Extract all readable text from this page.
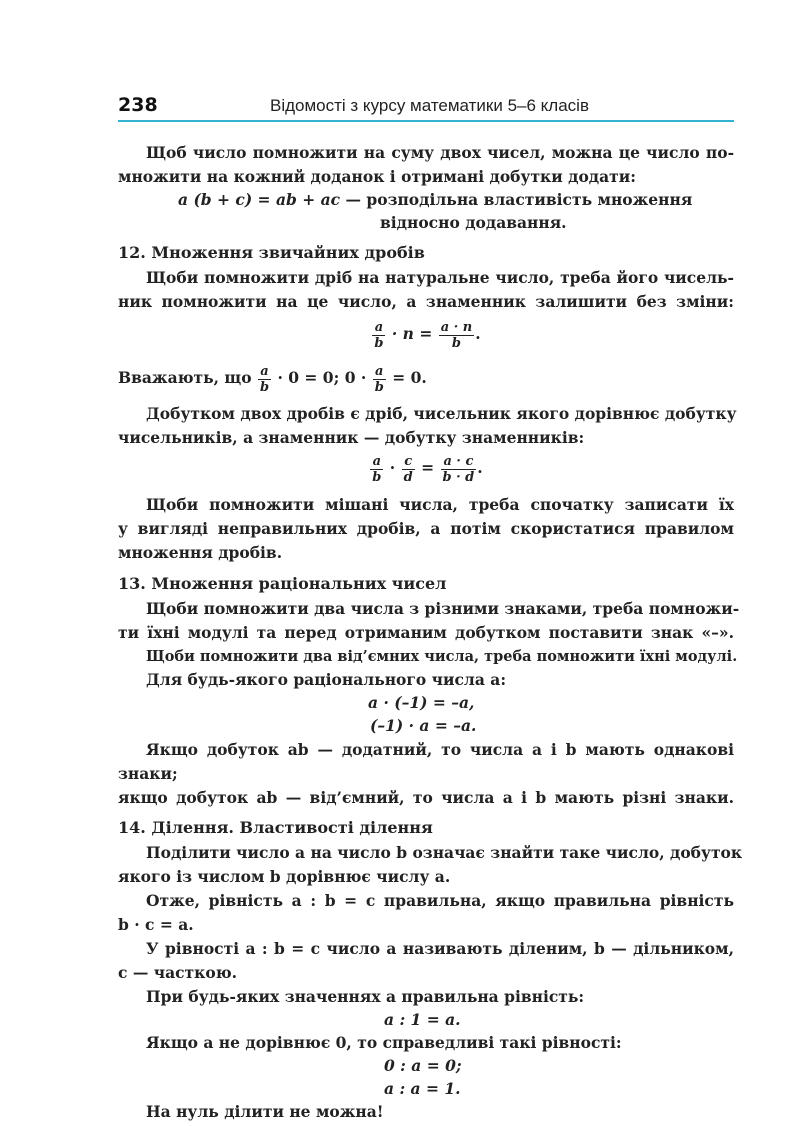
238	Відомості з курсу математики 5–6 класів
Щоб число помножити на суму двох чисел, можна це число по-
множити на кожний доданок і отримані добутки додати:
a (b + c) = ab + ac — розподільна властивість множення
відносно додавання.
12. Множення звичайних дробів
Щоби помножити дріб на натуральне число, треба його чисель-
ник помножити на це число, а знаменник залишити без зміни:
$\frac{a}{b} \cdot n = \frac{a \cdot n}{b}$ .
Вважають, що $\frac{a}{b} \cdot 0 = 0$; $0 \cdot \frac{a}{b} = 0$.
Добутком двох дробів є дріб, чисельник якого дорівнює добутку
чисельників, а знаменник — добутку знаменників:
$\frac{a}{b} \cdot \frac{c}{d} = \frac{a \cdot c}{b \cdot d}$ .
Щоби помножити мішані числа, треба спочатку записати їх
у вигляді неправильних дробів, а потім скористатися правилом
множення дробів.
13. Множення раціональних чисел
Щоби помножити два числа з різними знаками, треба помножи-
ти їхні модулі та перед отриманим добутком поставити знак «–».
Щоби помножити два від’ємних числа, треба помножити їхні модулі.
Для будь-якого раціонального числа a:
a · (–1) = –a,
(–1) · a = –a.
Якщо добуток ab — додатний, то числа a і b мають однакові
знаки;
якщо добуток ab — від’ємний, то числа a і b мають різні знаки.
14. Ділення. Властивості ділення
Поділити число a на число b означає знайти таке число, добуток
якого із числом b дорівнює числу a.
Отже, рівність a : b = c правильна, якщо правильна рівність
b · c = a.
У рівності a : b = c число a називають діленим, b — дільником,
c — часткою.
При будь-яких значеннях a правильна рівність:
a : 1 = a.
Якщо a не дорівнює 0, то справедливі такі рівності:
0 : a = 0;
a : a = 1.
На нуль ділити не можна!
